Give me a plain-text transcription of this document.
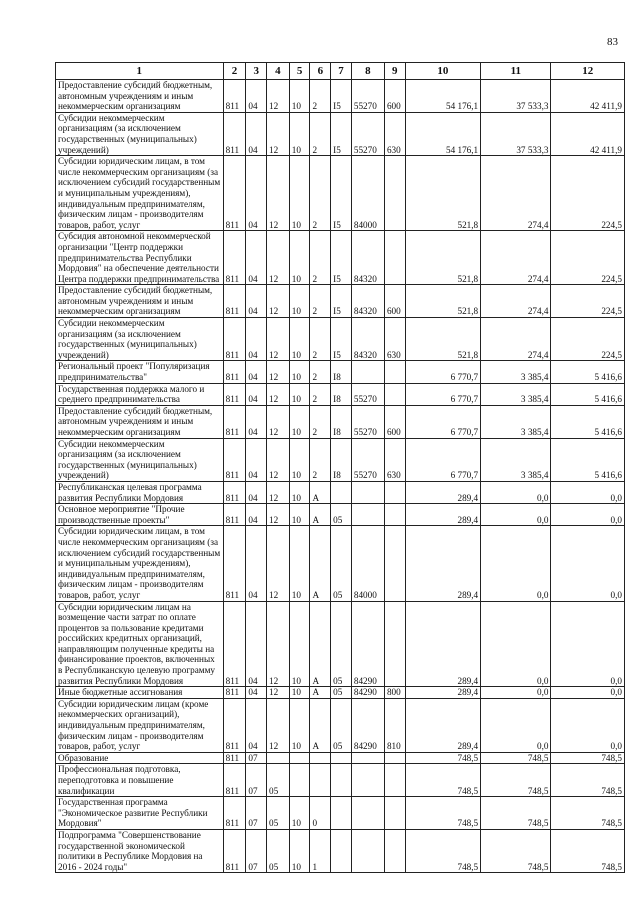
83
1	2	3	4	5	6	7	8	9	10	11	12
Предоставление субсидий бюджетным, автономным учреждениям и иным некоммерческим организациям	811	04	12	10	2	I5	55270	600	54 176,1	37 533,3	42 411,9
Субсидии некоммерческим организациям (за исключением государственных (муниципальных) учреждений)	811	04	12	10	2	I5	55270	630	54 176,1	37 533,3	42 411,9
Субсидии юридическим лицам, в том числе некоммерческим организациям (за исключением субсидий государственным и муниципальным учреждениям), индивидуальным предпринимателям, физическим лицам - производителям товаров, работ, услуг	811	04	12	10	2	I5	84000		521,8	274,4	224,5
Субсидия автономной некоммерческой организации "Центр поддержки предпринимательства Республики Мордовия" на обеспечение деятельности Центра поддержки предпринимательства	811	04	12	10	2	I5	84320		521,8	274,4	224,5
Предоставление субсидий бюджетным, автономным учреждениям и иным некоммерческим организациям	811	04	12	10	2	I5	84320	600	521,8	274,4	224,5
Субсидии некоммерческим организациям (за исключением государственных (муниципальных) учреждений)	811	04	12	10	2	I5	84320	630	521,8	274,4	224,5
Региональный проект "Популяризация предпринимательства"	811	04	12	10	2	I8			6 770,7	3 385,4	5 416,6
Государственная поддержка малого и среднего предпринимательства	811	04	12	10	2	I8	55270		6 770,7	3 385,4	5 416,6
Предоставление субсидий бюджетным, автономным учреждениям и иным некоммерческим организациям	811	04	12	10	2	I8	55270	600	6 770,7	3 385,4	5 416,6
Субсидии некоммерческим организациям (за исключением государственных (муниципальных) учреждений)	811	04	12	10	2	I8	55270	630	6 770,7	3 385,4	5 416,6
Республиканская целевая программа развития Республики Мордовия	811	04	12	10	А				289,4	0,0	0,0
Основное мероприятие "Прочие производственные проекты"	811	04	12	10	А	05			289,4	0,0	0,0
Субсидии юридическим лицам, в том числе некоммерческим организациям (за исключением субсидий государственным и муниципальным учреждениям), индивидуальным предпринимателям, физическим лицам - производителям товаров, работ, услуг	811	04	12	10	А	05	84000		289,4	0,0	0,0
Субсидии юридическим лицам на возмещение части затрат по оплате процентов за пользование кредитами российских кредитных организаций, направляющим полученные кредиты на финансирование проектов, включенных в Республиканскую целевую программу развития Республики Мордовия	811	04	12	10	А	05	84290		289,4	0,0	0,0
Иные бюджетные ассигнования	811	04	12	10	А	05	84290	800	289,4	0,0	0,0
Субсидии юридическим лицам (кроме некоммерческих организаций), индивидуальным предпринимателям, физическим лицам - производителям товаров, работ, услуг	811	04	12	10	А	05	84290	810	289,4	0,0	0,0
Образование	811	07							748,5	748,5	748,5
Профессиональная подготовка, переподготовка и повышение квалификации	811	07	05						748,5	748,5	748,5
Государственная программа "Экономическое развитие Республики Мордовия"	811	07	05	10	0				748,5	748,5	748,5
Подпрограмма "Совершенствование государственной экономической политики в Республике Мордовия на 2016 - 2024 годы"	811	07	05	10	1				748,5	748,5	748,5
